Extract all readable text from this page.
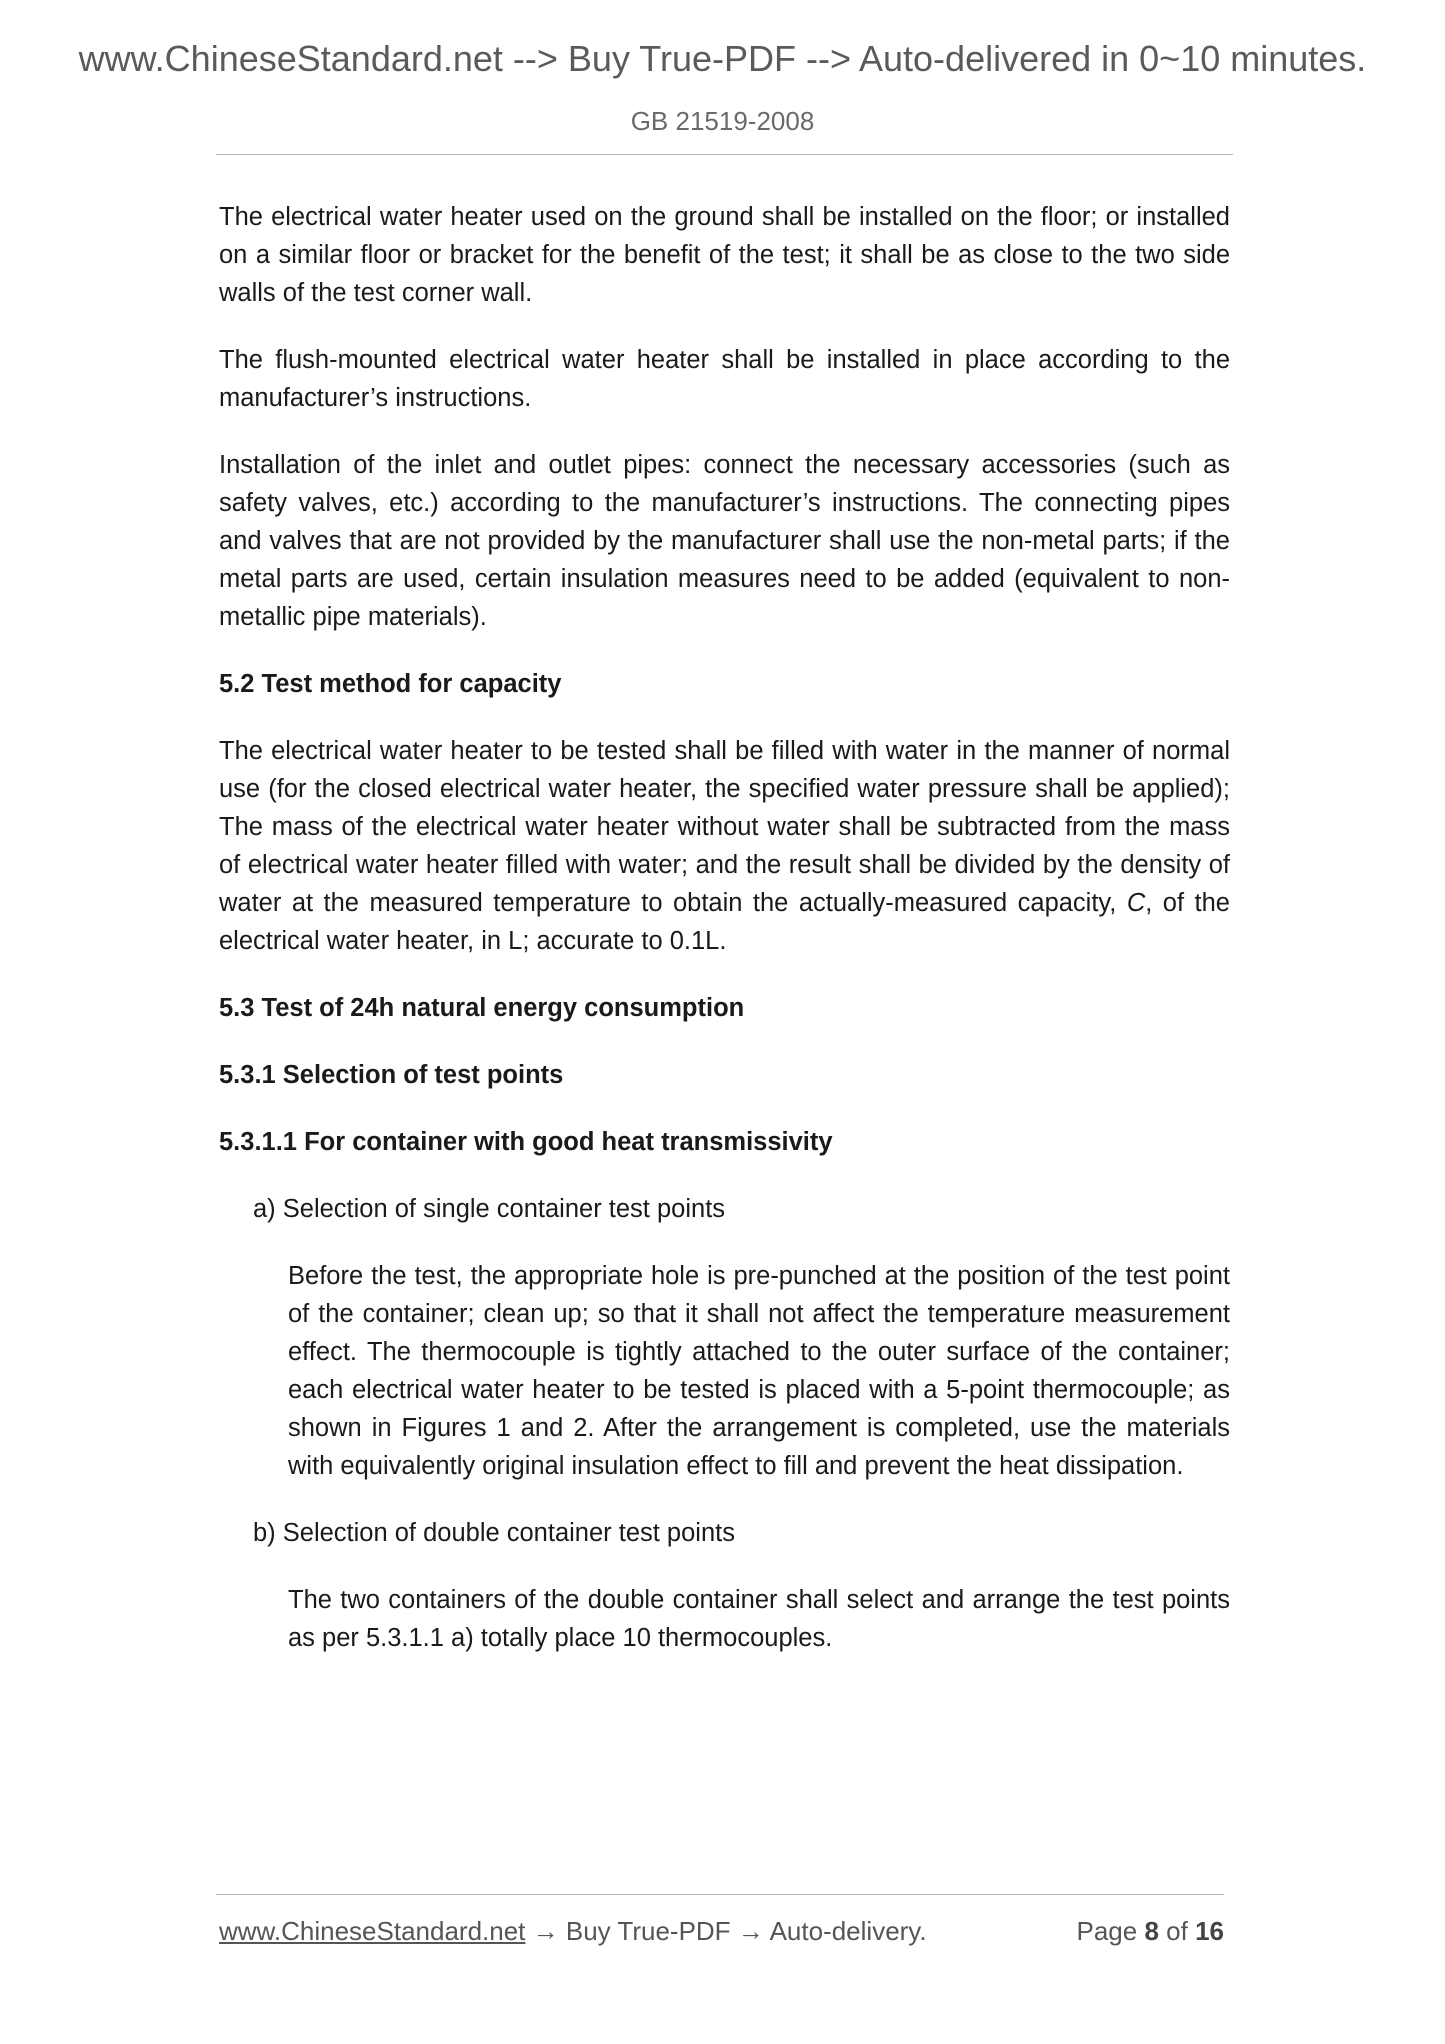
www.ChineseStandard.net --> Buy True-PDF --> Auto-delivered in 0~10 minutes.
GB 21519-2008

The electrical water heater used on the ground shall be installed on the floor; or installed on a similar floor or bracket for the benefit of the test; it shall be as close to the two side walls of the test corner wall.

The flush-mounted electrical water heater shall be installed in place according to the manufacturer’s instructions.

Installation of the inlet and outlet pipes: connect the necessary accessories (such as safety valves, etc.) according to the manufacturer’s instructions. The connecting pipes and valves that are not provided by the manufacturer shall use the non-metal parts; if the metal parts are used, certain insulation measures need to be added (equivalent to non-metallic pipe materials).

5.2 Test method for capacity

The electrical water heater to be tested shall be filled with water in the manner of normal use (for the closed electrical water heater, the specified water pressure shall be applied); The mass of the electrical water heater without water shall be subtracted from the mass of electrical water heater filled with water; and the result shall be divided by the density of water at the measured temperature to obtain the actually-measured capacity, C, of the electrical water heater, in L; accurate to 0.1L.

5.3 Test of 24h natural energy consumption
5.3.1 Selection of test points
5.3.1.1 For container with good heat transmissivity

a) Selection of single container test points

Before the test, the appropriate hole is pre-punched at the position of the test point of the container; clean up; so that it shall not affect the temperature measurement effect. The thermocouple is tightly attached to the outer surface of the container; each electrical water heater to be tested is placed with a 5-point thermocouple; as shown in Figures 1 and 2. After the arrangement is completed, use the materials with equivalently original insulation effect to fill and prevent the heat dissipation.

b) Selection of double container test points

The two containers of the double container shall select and arrange the test points as per 5.3.1.1 a) totally place 10 thermocouples.

www.ChineseStandard.net → Buy True-PDF → Auto-delivery.	Page 8 of 16
